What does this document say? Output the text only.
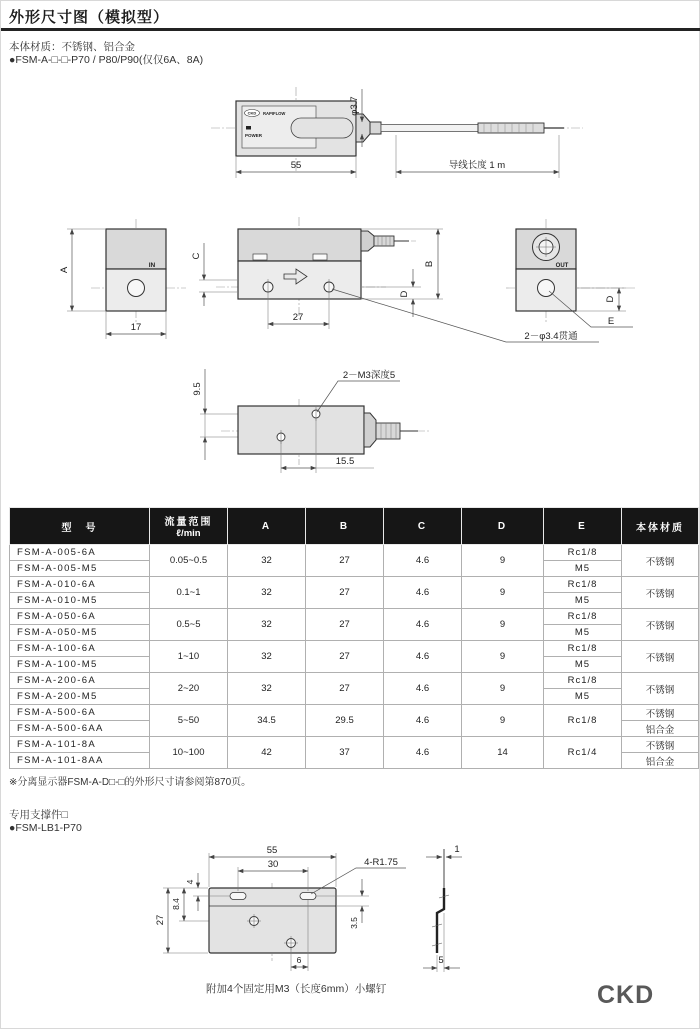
外形尺寸图（模拟型）
本体材质：不锈钢、铝合金
●FSM-A-□-□-P70 / P80/P90(仅仅6A、8A)
CKD RAPIFLOW
POWER
φ3.7
55	导线长度 1 m
IN
A
17
C
B
D
27
2－φ3.4贯通
OUT
D
E
9.5
2－M3深度5
15.5
型　号	流量范围
ℓ/min	A	B	C	D	E	本体材质
FSM-A-005-6A	0.05~0.5	32	27	4.6	9	Rc1/8	不锈钢
FSM-A-005-M5						M5	
FSM-A-010-6A	0.1~1	32	27	4.6	9	Rc1/8	不锈钢
FSM-A-010-M5						M5	
FSM-A-050-6A	0.5~5	32	27	4.6	9	Rc1/8	不锈钢
FSM-A-050-M5						M5	
FSM-A-100-6A	1~10	32	27	4.6	9	Rc1/8	不锈钢
FSM-A-100-M5						M5	
FSM-A-200-6A	2~20	32	27	4.6	9	Rc1/8	不锈钢
FSM-A-200-M5						M5	
FSM-A-500-6A	5~50	34.5	29.5	4.6	9	Rc1/8	不锈钢
FSM-A-500-6AA							铝合金
FSM-A-101-8A	10~100	42	37	4.6	14	Rc1/4	不锈钢
FSM-A-101-8AA							铝合金
※分离显示器FSM-A-D□-□的外形尺寸请参阅第870页。
专用支撑件□
●FSM-LB1-P70
55
30	4-R1.75
27
8.4
4
3.5
6
1
5
附加4个固定用M3（长度6mm）小螺钉	CKD
